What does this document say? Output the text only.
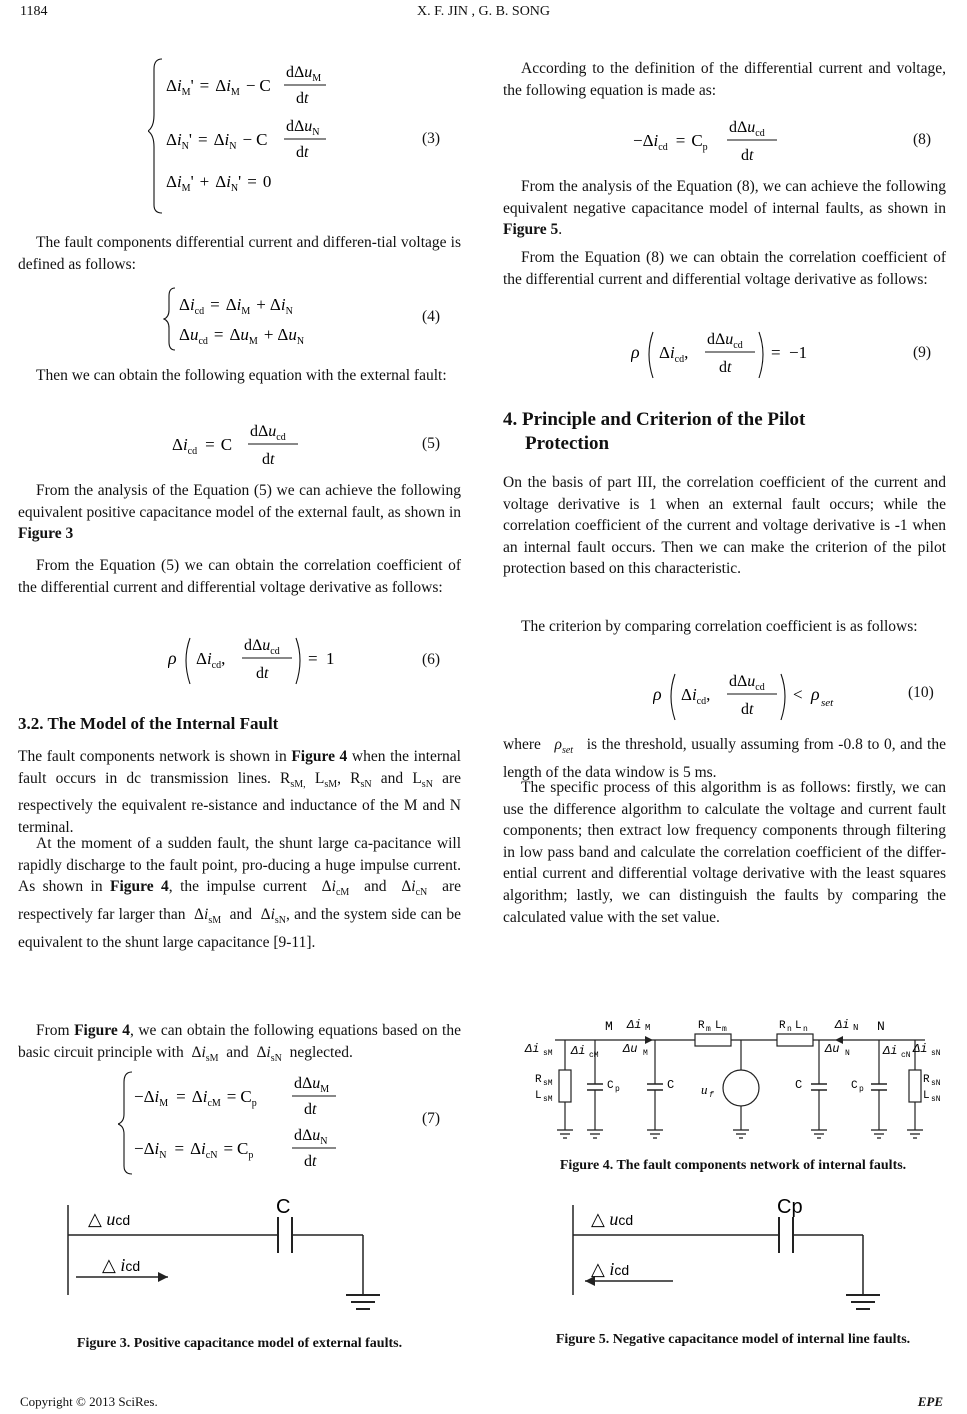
1184	X. F. JIN , G. B. SONG
$\Delta i_M' = \Delta i_M - C$
dΔu$_M$
dt
$\Delta i_N' = \Delta i_N - C$
dΔu$_N$
dt
$\Delta i_M' + \Delta i_N' = 0$
(3)

The fault components differential current and differen-tial voltage is defined as follows:

$\Delta i_{cd} = \Delta i_M + \Delta i_N$
$\Delta u_{cd} = \Delta u_M + \Delta u_N$
(4)

Then we can obtain the following equation with the external fault:

$\Delta i_{cd} = C$
dΔu$_{cd}$
dt
(5)

From the analysis of the Equation (5) we can achieve the following equivalent positive capacitance model of the external fault, as shown in Figure 3

From the Equation (5) we can obtain the correlation coefficient of the differential current and differential voltage derivative as follows:

ρ $\Delta i_{cd}$,
dΔu$_{cd}$
dt
= 1	(6)
3.2. The Model of the Internal Fault

The fault components network is shown in Figure 4 when the internal fault occurs in dc transmission lines. $R_{sM,}$ $L_{sM}$, $R_{sN}$ and $L_{sN}$ are respectively the equivalent re-sistance and inductance of the M and N terminal.

At the moment of a sudden fault, the shunt large ca-pacitance will rapidly discharge to the fault point, pro-ducing a huge impulse current. As shown in Figure 4, the impulse current  $\Delta i_{cM}$ and  $\Delta i_{cN}$ are respectively far larger than  $\Delta i_{sM}$ and  $\Delta i_{sN}$, and the system side can be equivalent to the shunt large capacitance [9-11].

From Figure 4, we can obtain the following equations based on the basic circuit principle with  $\Delta i_{sM}$ and  $\Delta i_{sN}$ neglected.

$-\Delta i_M = \Delta i_{cM} = C_p$
dΔu$_M$
dt
$-\Delta i_N = \Delta i_{cN} = C_p$
dΔu$_N$
dt
(7)
△ ucd
△ icd
C
Figure 3. Positive capacitance model of external faults.

According to the definition of the differential current and voltage, the following equation is made as:

$-\Delta i_{cd} = C_p$
dΔu$_{cd}$
dt
(8)

From the analysis of the Equation (8), we can achieve the following equivalent negative capacitance model of internal faults, as shown in Figure 5.

From the Equation (8) we can obtain the correlation coefficient of the differential current and differential voltage derivative as follows:

ρ $\Delta i_{cd}$,
dΔu$_{cd}$
dt
= −1	(9)
4. Principle and Criterion of the Pilot
Protection

On the basis of part III, the correlation coefficient of the current and voltage derivative is 1 when an external fault occurs; while the correlation coefficient of the current and voltage derivative is -1 when an internal fault occurs. Then we can make the criterion of the pilot protection based on this characteristic.

The criterion by comparing correlation coefficient is as follows:

ρ $\Delta i_{cd}$,
dΔu$_{cd}$
dt
< ρ set
(10)

where $\rho_{set}$ is the threshold, usually assuming from -0.8 to 0, and the length of the data window is 5 ms.

The specific process of this algorithm is as follows: firstly, we can use the difference algorithm to calculate the voltage and current fault components; then extract low frequency components through filtering in low pass band and calculate the correlation coefficient of the differ-ential current and differential voltage derivative with the least squares algorithm; lastly, we can distinguish the faults by comparing the calculated value with the set value.

M Δi M	R m L m	R n L n Δi N N
R sM
L sM
Δi sM
C p
Δi cM Δu M
C u f
C	C p
Δu N	Δi cN
R sN
L sN
Δi sN
Figure 4. The fault components network of internal faults.
△ ucd
△ icd
Cp
Figure 5. Negative capacitance model of internal line faults.
Copyright © 2013 SciRes.	EPE
